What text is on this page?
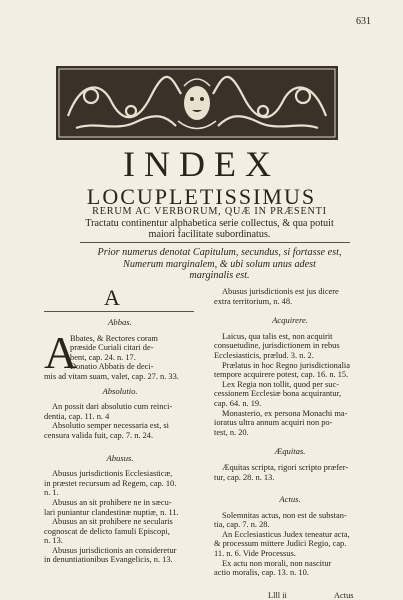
631
INDEX
LOCUPLETISSIMUS
RERUM AC VERBORUM, QUÆ IN PRÆSENTI
Tractatu continentur alphabetica serie collectus, & qua potuit
maiori facilitate subordinatus.
Prior numerus denotat Capitulum, secundus, si fortasse est,
Numerum marginalem, & ubi solum unus adest
marginalis est.
A
Abbas.
A

Bbates, & Rectores coram

præside Curiali citari de-

bent, cap. 24. n. 17.

Donatio Abbatis de deci-

mis ad vitam suam, valet, cap. 27. n. 33.

Absolutio.

An possit dari absolutio cum reinci-

dentia, cap. 11. n. 4

Absolutio semper necessaria est, si

censura valida fuit, cap. 7. n. 24.

Abusus.

Abusus jurisdictionis Ecclesiasticæ,

in præstet recursum ad Regem, cap. 10.

n. 1.

Abusus an sit prohibere ne in sæcu-

lari puniantur clandestinæ nuptiæ, n. 11.

Abusus an sit prohibere ne secularis

cognoscat de delicto famuli Episcopi,

n. 13.

Abusus jurisdictionis an consideretur

in denuntiationibus Evangelicis, n. 13.

Abusus jurisdictionis est jus dicere

extra territorium, n. 48.

Acquirere.

Laicus, qua talis est, non acquirit

consuetudine, jurisdictionem in rebus

Ecclesiasticis, prælud. 3. n. 2.

Prælatus in hoc Regno jurisdictionalia

tempore acquirere potest, cap. 16. n. 15.

Lex Regia non tollit, quod per suc-

cessionem Ecclesiæ bona acquirantur,

cap. 64. n. 19.

Monasterio, ex persona Monachi ma-

ioratus ultra annum acquiri non po-

test, n. 20.

Æquitas.

Æquitas scripta, rigori scripto præfer-

tur, cap. 28. n. 13.

Actus.

Solemnitas actus, non est de substan-

tia, cap. 7. n. 28.

An Ecclesiasticus Judex teneatur acta,

& processum mittere Judici Regio, cap.

11. n. 6. Vide Processus.

Ex actu non morali, non nascitur

actio moralis, cap. 13. n. 10.

Llll ii	Actus
